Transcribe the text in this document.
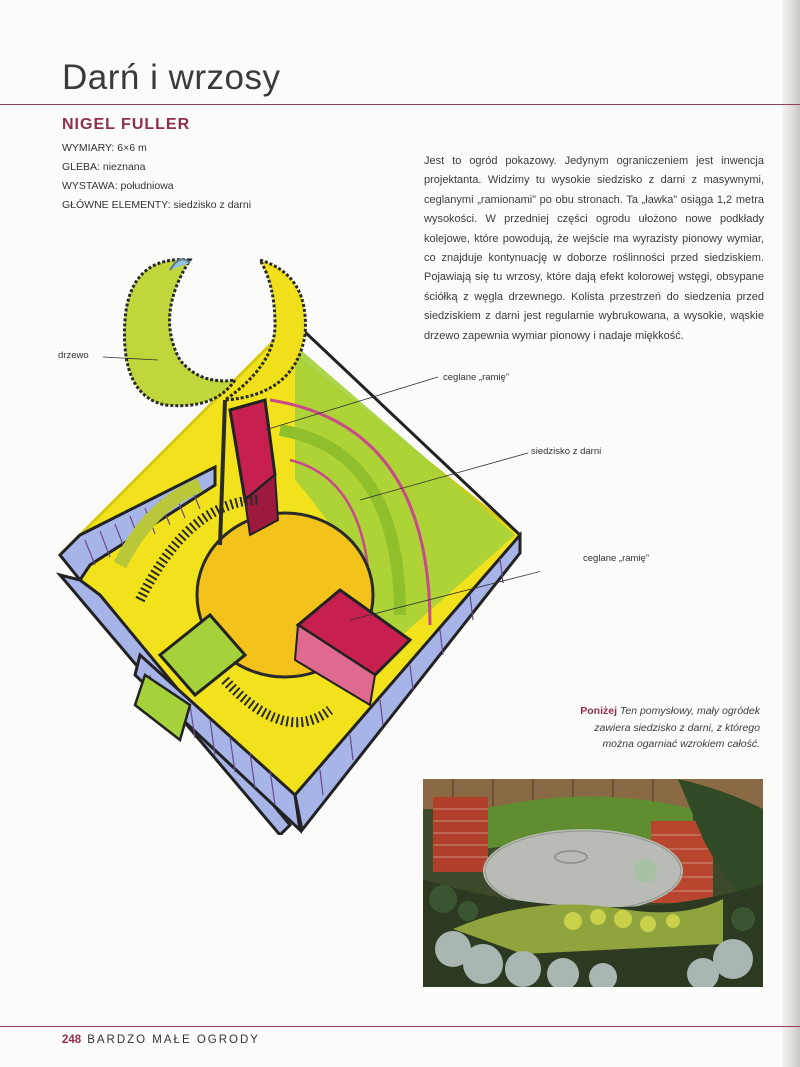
Darń i wrzosy
NIGEL FULLER
WYMIARY: 6×6 m
GLEBA: nieznana
WYSTAWA: południowa
GŁÓWNE ELEMENTY: siedzisko z darni

Jest to ogród pokazowy. Jedynym ograniczeniem jest inwencja projektanta. Widzimy tu wysokie siedzisko z darni z masywnymi, ceglanymi „ramionami” po obu stronach. Ta „ławka” osiąga 1,2 metra wysokości. W przedniej części ogrodu ułożono nowe podkłady kolejowe, które powodują, że wejście ma wyrazisty pionowy wymiar, co znajduje kontynuację w doborze roślinności przed siedziskiem. Pojawiają się tu wrzosy, które dają efekt kolorowej wstęgi, obsypane ściółką z węgla drzewnego. Kolista przestrzeń do siedzenia przed siedziskiem z darni jest regularnie wybrukowana, a wysokie, wąskie drzewo zapewnia wymiar pionowy i nadaje miękkość.

drzewo
ceglane „ramię”
siedzisko z darni
ceglane „ramię”
Poniżej Ten pomysłowy, mały ogródek zawiera siedzisko z darni, z którego można ogarniać wzrokiem całość.
248 BARDZO MAŁE OGRODY
